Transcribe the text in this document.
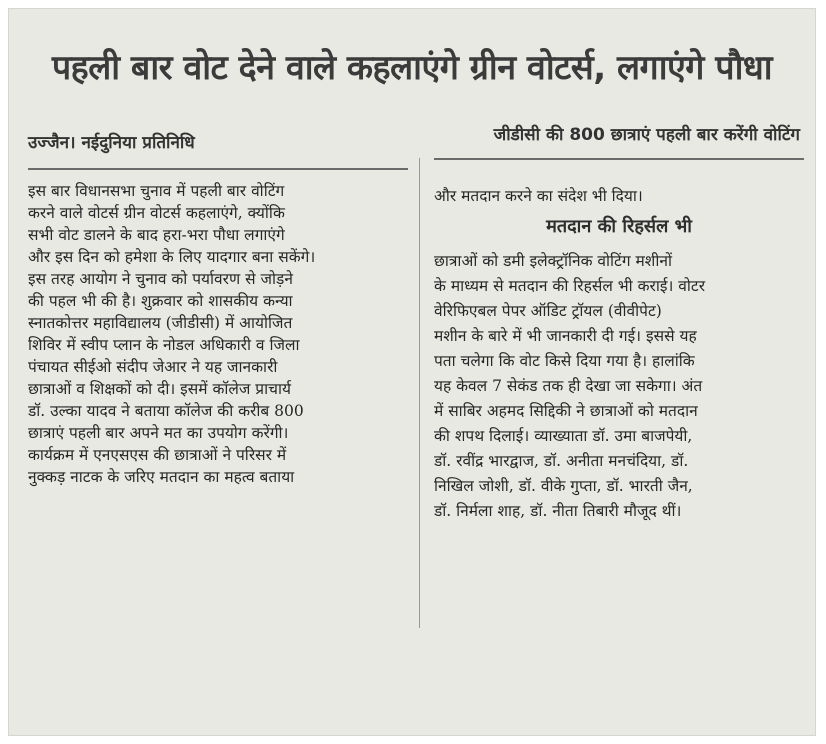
पहली बार वोट देने वाले कहलाएंगे ग्रीन वोटर्स, लगाएंगे पौधा
उज्जैन। नईदुनिया प्रतिनिधि	जीडीसी की 800 छात्राएं पहली बार करेंगी वोटिंग
इस बार विधानसभा चुनाव में पहली बार वोटिंग
करने वाले वोटर्स ग्रीन वोटर्स कहलाएंगे, क्योंकि
सभी वोट डालने के बाद हरा-भरा पौधा लगाएंगे
और इस दिन को हमेशा के लिए यादगार बना सकेंगे।
इस तरह आयोग ने चुनाव को पर्यावरण से जोड़ने
की पहल भी की है। शुक्रवार को शासकीय कन्या
स्नातकोत्तर महाविद्यालय (जीडीसी) में आयोजित
शिविर में स्वीप प्लान के नोडल अधिकारी व जिला
पंचायत सीईओ संदीप जेआर ने यह जानकारी
छात्राओं व शिक्षकों को दी। इसमें कॉलेज प्राचार्य
डॉ. उल्का यादव ने बताया कॉलेज की करीब 800
छात्राएं पहली बार अपने मत का उपयोग करेंगी।
कार्यक्रम में एनएसएस की छात्राओं ने परिसर में
नुक्कड़ नाटक के जरिए मतदान का महत्व बताया
और मतदान करने का संदेश भी दिया।
मतदान की रिहर्सल भी
छात्राओं को डमी इलेक्ट्रॉनिक वोटिंग मशीनों
के माध्यम से मतदान की रिहर्सल भी कराई। वोटर
वेरिफिएबल पेपर ऑडिट ट्रॉयल (वीवीपेट)
मशीन के बारे में भी जानकारी दी गई। इससे यह
पता चलेगा कि वोट किसे दिया गया है। हालांकि
यह केवल 7 सेकंड तक ही देखा जा सकेगा। अंत
में साबिर अहमद सिद्दिकी ने छात्राओं को मतदान
की शपथ दिलाई। व्याख्याता डॉ. उमा बाजपेयी,
डॉ. रवींद्र भारद्वाज, डॉ. अनीता मनचंदिया, डॉ.
निखिल जोशी, डॉ. वीके गुप्ता, डॉ. भारती जैन,
डॉ. निर्मला शाह, डॉ. नीता तिबारी मौजूद थीं।
